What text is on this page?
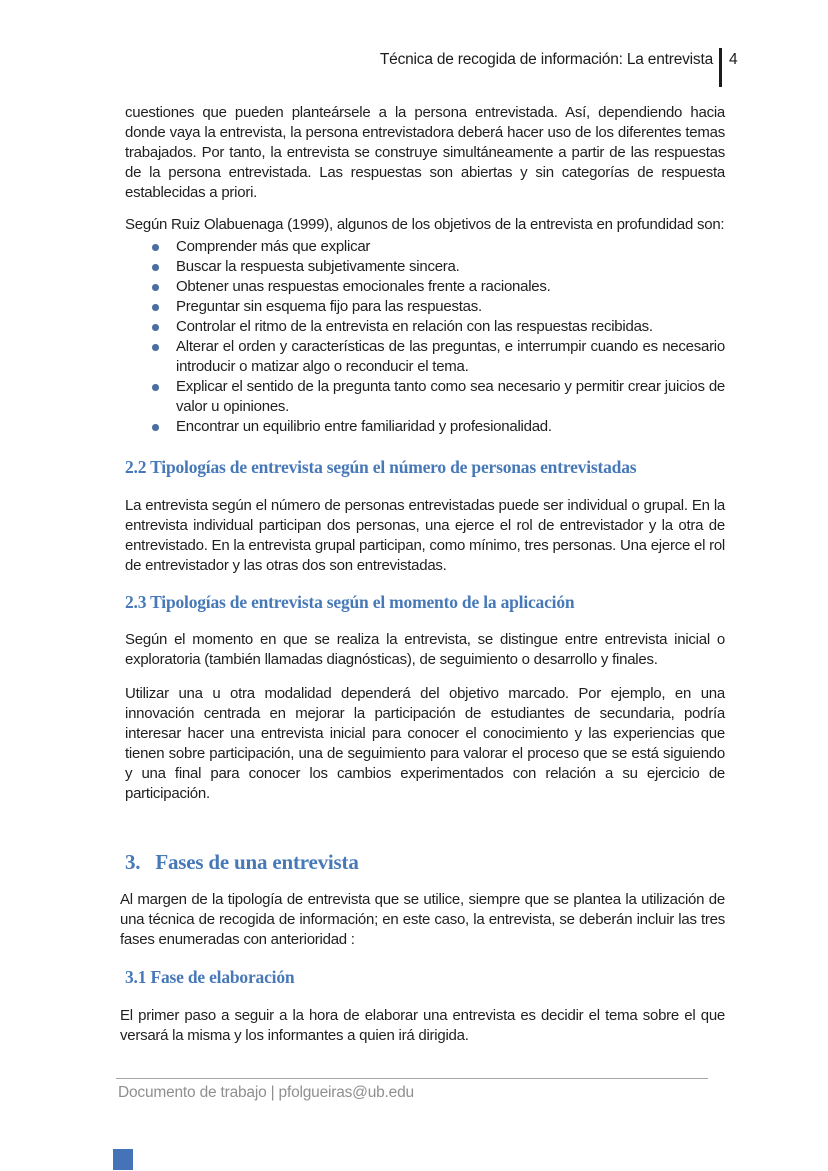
Técnica de recogida de información: La entrevista 4

cuestiones que pueden planteársele a la persona entrevistada. Así, dependiendo hacia donde vaya la entrevista, la persona entrevistadora deberá hacer uso de los diferentes temas trabajados. Por tanto, la entrevista se construye simultáneamente a partir de las respuestas de la persona entrevistada. Las respuestas son abiertas y sin categorías de respuesta establecidas a priori.

Según Ruiz Olabuenaga (1999), algunos de los objetivos de la entrevista en profundidad son:

Comprender más que explicar
Buscar la respuesta subjetivamente sincera.
Obtener unas respuestas emocionales frente a racionales.
Preguntar sin esquema fijo para las respuestas.
Controlar el ritmo de la entrevista en relación con las respuestas recibidas.
Alterar el orden y características de las preguntas, e interrumpir cuando es necesario introducir o matizar algo o reconducir el tema.
Explicar el sentido de la pregunta tanto como sea necesario y permitir crear juicios de valor u opiniones.
Encontrar un equilibrio entre familiaridad y profesionalidad.
2.2 Tipologías de entrevista según el número de personas entrevistadas

La entrevista según el número de personas entrevistadas puede ser individual o grupal. En la entrevista individual participan dos personas, una ejerce el rol de entrevistador y la otra de entrevistado. En la entrevista grupal participan, como mínimo, tres personas. Una ejerce el rol de entrevistador y las otras dos son entrevistadas.

2.3 Tipologías de entrevista según el momento de la aplicación

Según el momento en que se realiza la entrevista, se distingue entre entrevista inicial o exploratoria (también llamadas diagnósticas), de seguimiento o desarrollo y finales.

Utilizar una u otra modalidad dependerá del objetivo marcado. Por ejemplo, en una innovación centrada en mejorar la participación de estudiantes de secundaria, podría interesar hacer una entrevista inicial para conocer el conocimiento y las experiencias que tienen sobre participación, una de seguimiento para valorar el proceso que se está siguiendo y una final para conocer los cambios experimentados con relación a su ejercicio de participación.

3. Fases de una entrevista

Al margen de la tipología de entrevista que se utilice, siempre que se plantea la utilización de una técnica de recogida de información; en este caso, la entrevista, se deberán incluir las tres fases enumeradas con anterioridad :

3.1 Fase de elaboración

El primer paso a seguir a la hora de elaborar una entrevista es decidir el tema sobre el que versará la misma y los informantes a quien irá dirigida.

Documento de trabajo | pfolgueiras@ub.edu
